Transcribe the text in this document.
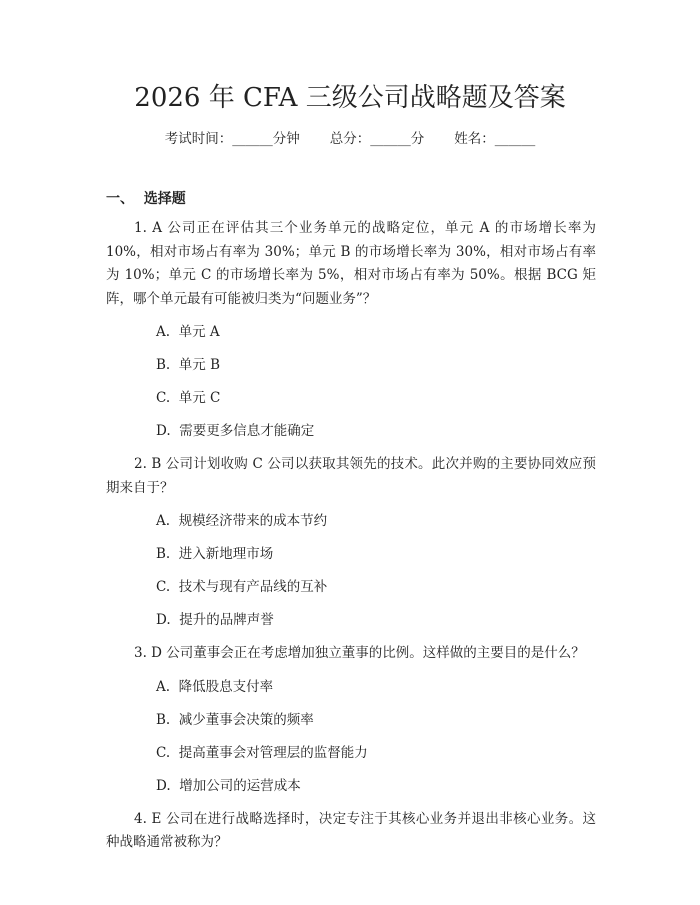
2026 年 CFA 三级公司战略题及答案
考试时间：______分钟 总分：______分 姓名：______
一、  选择题

1. A 公司正在评估其三个业务单元的战略定位，单元 A 的市场增长率为 10%，相对市场占有率为 30%；单元 B 的市场增长率为 30%，相对市场占有率为 10%；单元 C 的市场增长率为 5%，相对市场占有率为 50%。根据 BCG 矩阵，哪个单元最有可能被归类为“问题业务”？

A.  单元 A
B.  单元 B
C.  单元 C
D.  需要更多信息才能确定

2. B 公司计划收购 C 公司以获取其领先的技术。此次并购的主要协同效应预期来自于？

A.  规模经济带来的成本节约
B.  进入新地理市场
C.  技术与现有产品线的互补
D.  提升的品牌声誉

3. D 公司董事会正在考虑增加独立董事的比例。这样做的主要目的是什么？

A.  降低股息支付率
B.  减少董事会决策的频率
C.  提高董事会对管理层的监督能力
D.  增加公司的运营成本

4. E 公司在进行战略选择时，决定专注于其核心业务并退出非核心业务。这种战略通常被称为？
